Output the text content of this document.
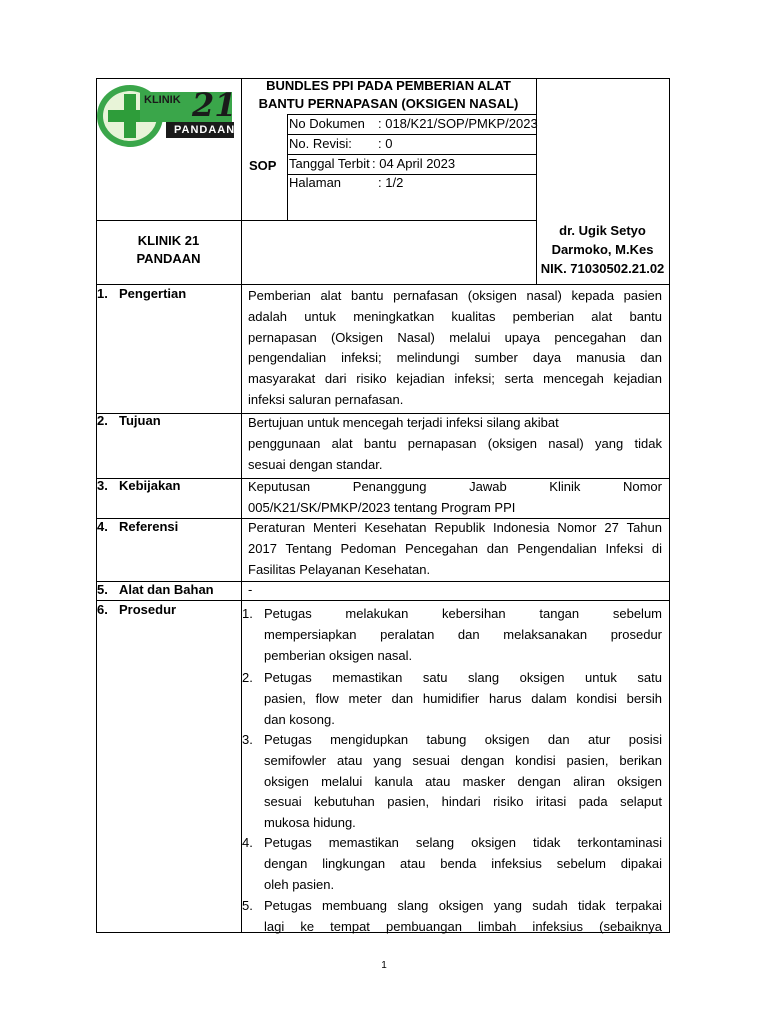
KLINIK 21
PANDAAN
BUNDLES PPI PADA PEMBERIAN ALAT
BANTU PERNAPASAN (OKSIGEN NASAL)
SOP
No Dokumen : 018/K21/SOP/PMKP/2023
No. Revisi: : 0
Tanggal Terbit : 04 April 2023
Halaman	: 1/2
KLINIK 21
PANDAAN
dr. Ugik Setyo
Darmoko, M.Kes
NIK. 71030502.21.02
1. Pengertian
2. Tujuan
3. Kebijakan
4. Referensi
5. Alat dan Bahan
6. Prosedur
Pemberian alat bantu pernafasan (oksigen nasal) kepada pasien
adalah untuk meningkatkan kualitas pemberian alat bantu
pernapasan (Oksigen Nasal) melalui upaya pencegahan dan
pengendalian infeksi; melindungi sumber daya manusia dan
masyarakat dari risiko kejadian infeksi; serta mencegah kejadian
infeksi saluran pernafasan.
Bertujuan untuk mencegah terjadi infeksi silang akibat
penggunaan alat bantu pernapasan (oksigen nasal) yang tidak
sesuai dengan standar.
Keputusan Penanggung Jawab Klinik Nomor
005/K21/SK/PMKP/2023 tentang Program PPI
Peraturan Menteri Kesehatan Republik Indonesia Nomor 27 Tahun
2017 Tentang Pedoman Pencegahan dan Pengendalian Infeksi di
Fasilitas Pelayanan Kesehatan.
-
1. Petugas melakukan kebersihan tangan sebelum
mempersiapkan peralatan dan melaksanakan prosedur
pemberian oksigen nasal.
2. Petugas memastikan satu slang oksigen untuk satu
pasien, flow meter dan humidifier harus dalam kondisi bersih
dan kosong.
3. Petugas mengidupkan tabung oksigen dan atur posisi
semifowler atau yang sesuai dengan kondisi pasien, berikan
oksigen melalui kanula atau masker dengan aliran oksigen
sesuai kebutuhan pasien, hindari risiko iritasi pada selaput
mukosa hidung.
4. Petugas memastikan selang oksigen tidak terkontaminasi
dengan lingkungan atau benda infeksius sebelum dipakai
oleh pasien.
5. Petugas membuang slang oksigen yang sudah tidak terpakai
lagi ke tempat pembuangan limbah infeksius (sebaiknya
1
